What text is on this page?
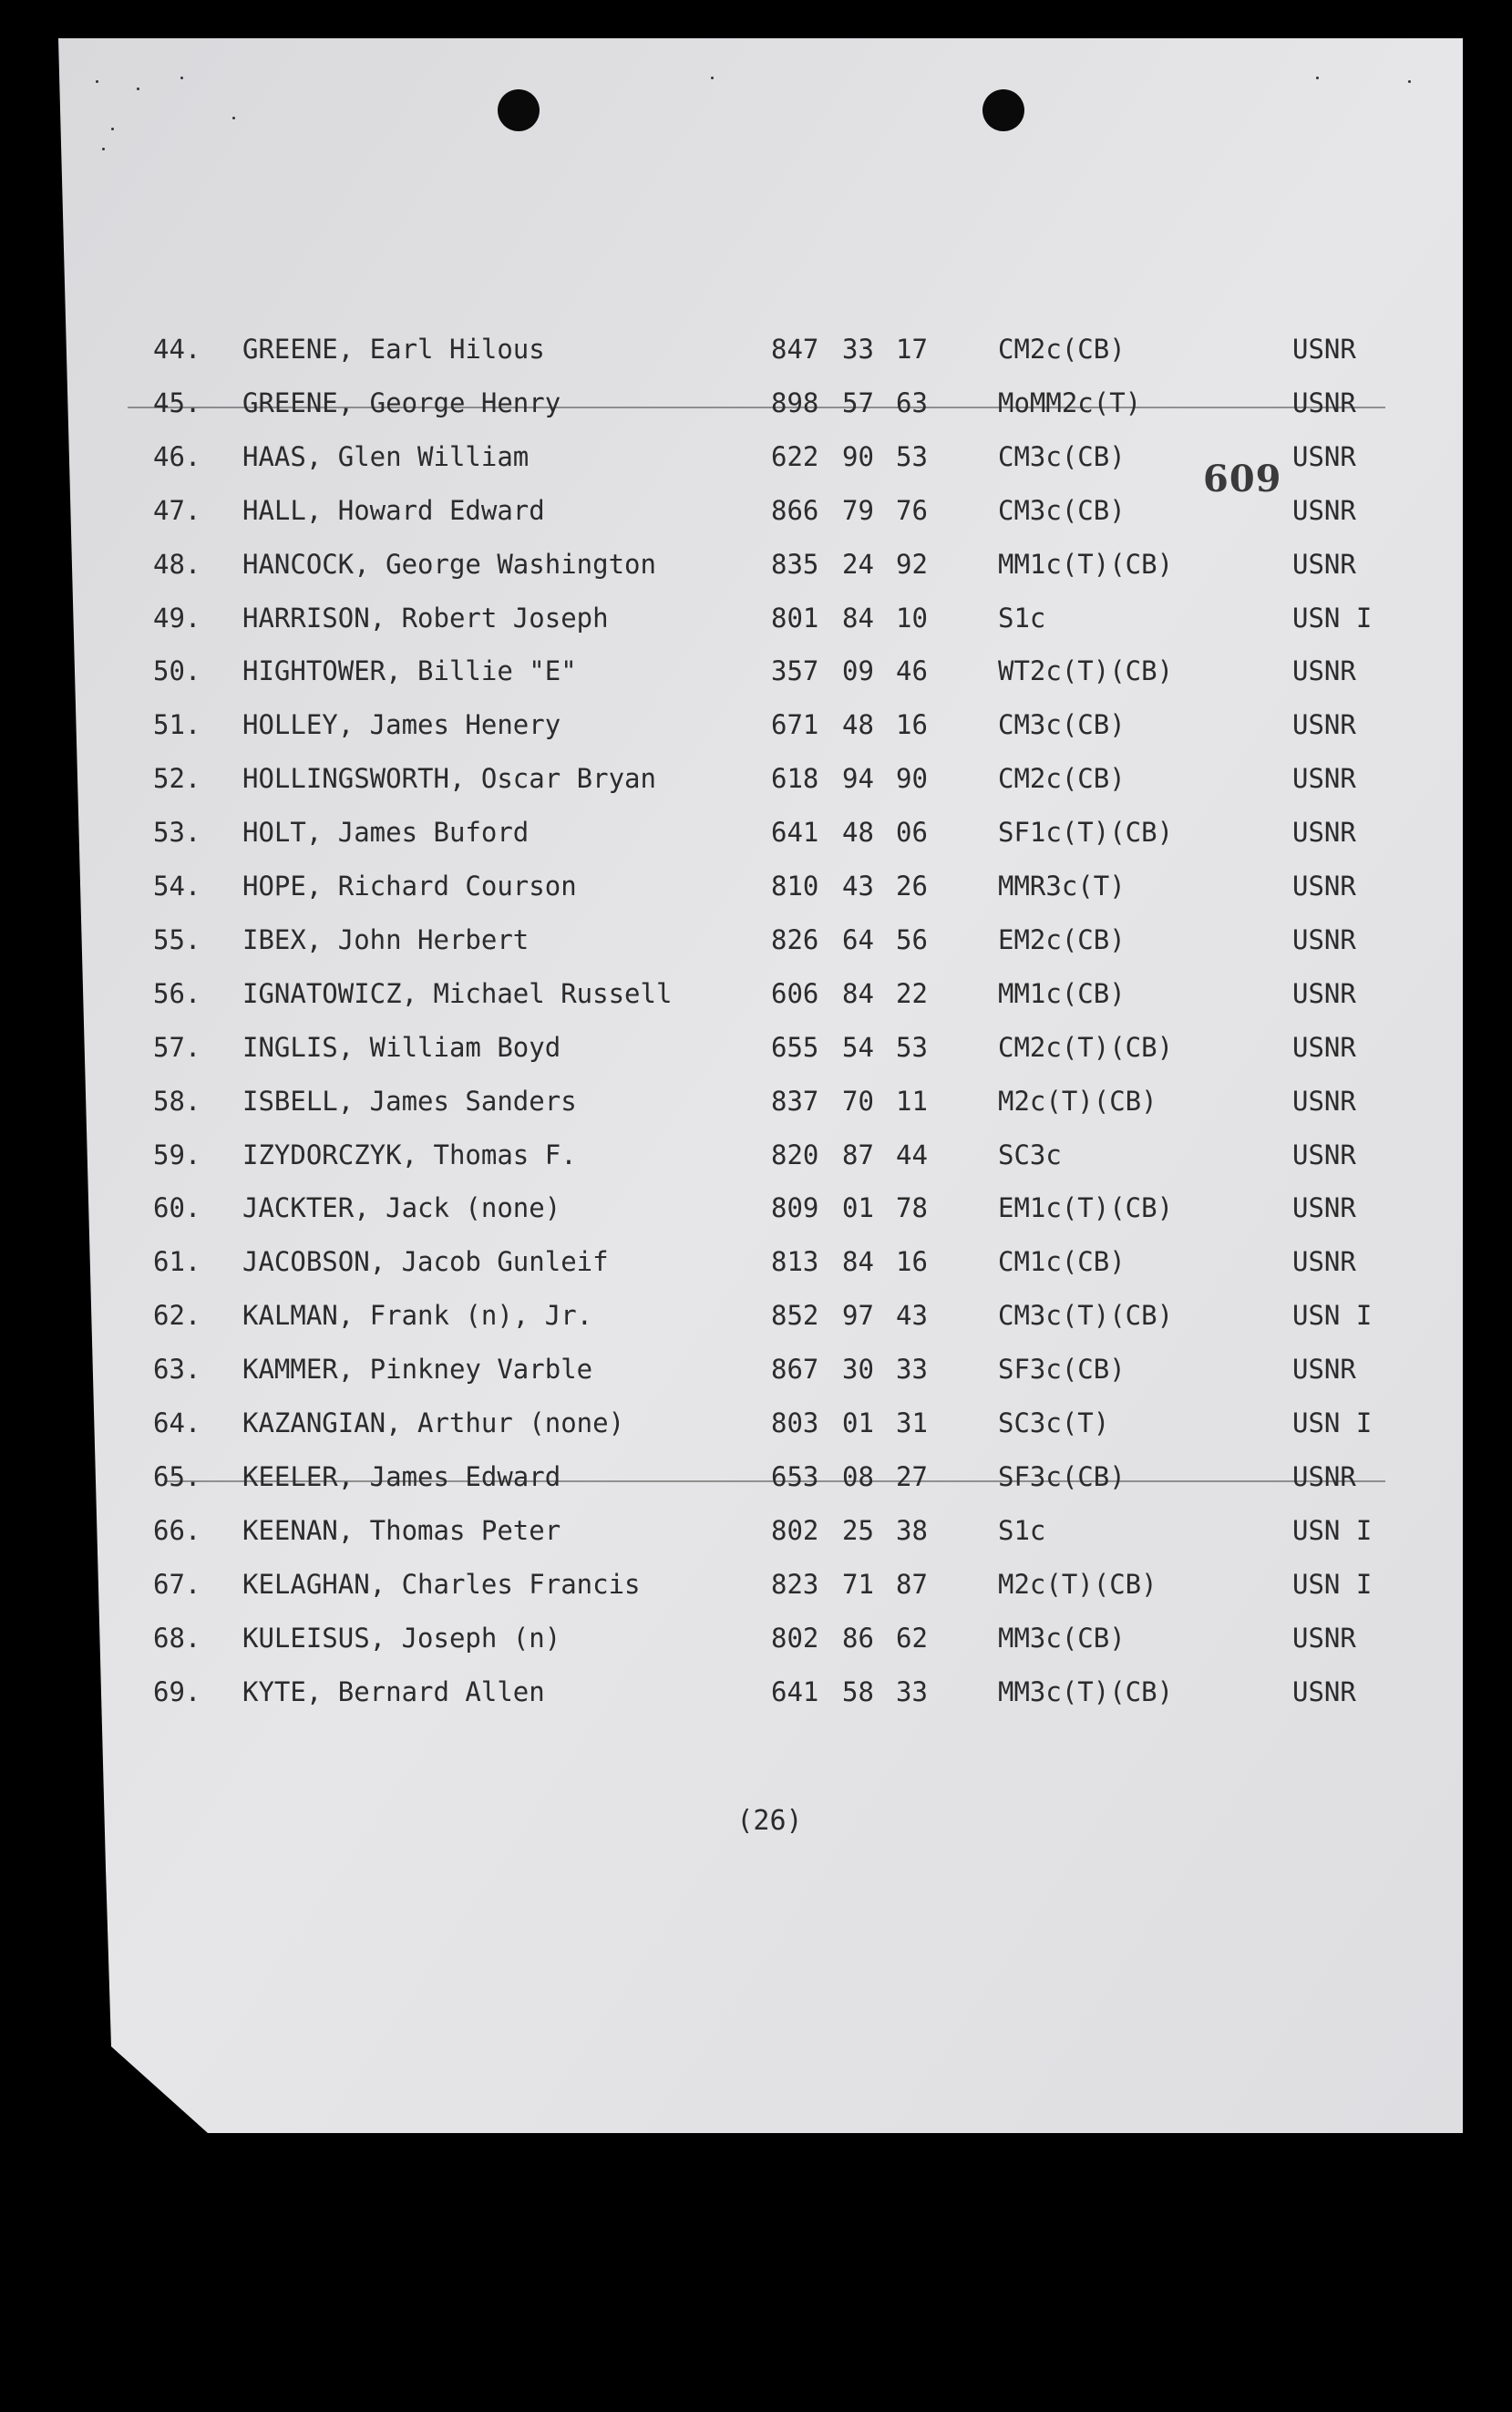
609
44. GREENE, Earl Hilous	847 33 17	CM2c(CB)	USNR
45. GREENE, George Henry	898 57 63	MoMM2c(T)	USNR
46. HAAS, Glen William	622 90 53	CM3c(CB)	USNR
47. HALL, Howard Edward	866 79 76	CM3c(CB)	USNR
48. HANCOCK, George Washington	835 24 92	MM1c(T)(CB)	USNR
49. HARRISON, Robert Joseph	801 84 10	S1c	USN I
50. HIGHTOWER, Billie "E"	357 09 46	WT2c(T)(CB)	USNR
51. HOLLEY, James Henery	671 48 16	CM3c(CB)	USNR
52. HOLLINGSWORTH, Oscar Bryan	618 94 90	CM2c(CB)	USNR
53. HOLT, James Buford	641 48 06	SF1c(T)(CB)	USNR
54. HOPE, Richard Courson	810 43 26	MMR3c(T)	USNR
55. IBEX, John Herbert	826 64 56	EM2c(CB)	USNR
56. IGNATOWICZ, Michael Russell	606 84 22	MM1c(CB)	USNR
57. INGLIS, William Boyd	655 54 53	CM2c(T)(CB)	USNR
58. ISBELL, James Sanders	837 70 11	M2c(T)(CB)	USNR
59. IZYDORCZYK, Thomas F.	820 87 44	SC3c	USNR
60. JACKTER, Jack (none)	809 01 78	EM1c(T)(CB)	USNR
61. JACOBSON, Jacob Gunleif	813 84 16	CM1c(CB)	USNR
62. KALMAN, Frank (n), Jr.	852 97 43	CM3c(T)(CB)	USN I
63. KAMMER, Pinkney Varble	867 30 33	SF3c(CB)	USNR
64. KAZANGIAN, Arthur (none)	803 01 31	SC3c(T)	USN I
65. KEELER, James Edward	653 08 27	SF3c(CB)	USNR
66. KEENAN, Thomas Peter	802 25 38	S1c	USN I
67. KELAGHAN, Charles Francis	823 71 87	M2c(T)(CB)	USN I
68. KULEISUS, Joseph (n)	802 86 62	MM3c(CB)	USNR
69. KYTE, Bernard Allen	641 58 33	MM3c(T)(CB)	USNR
(26)
